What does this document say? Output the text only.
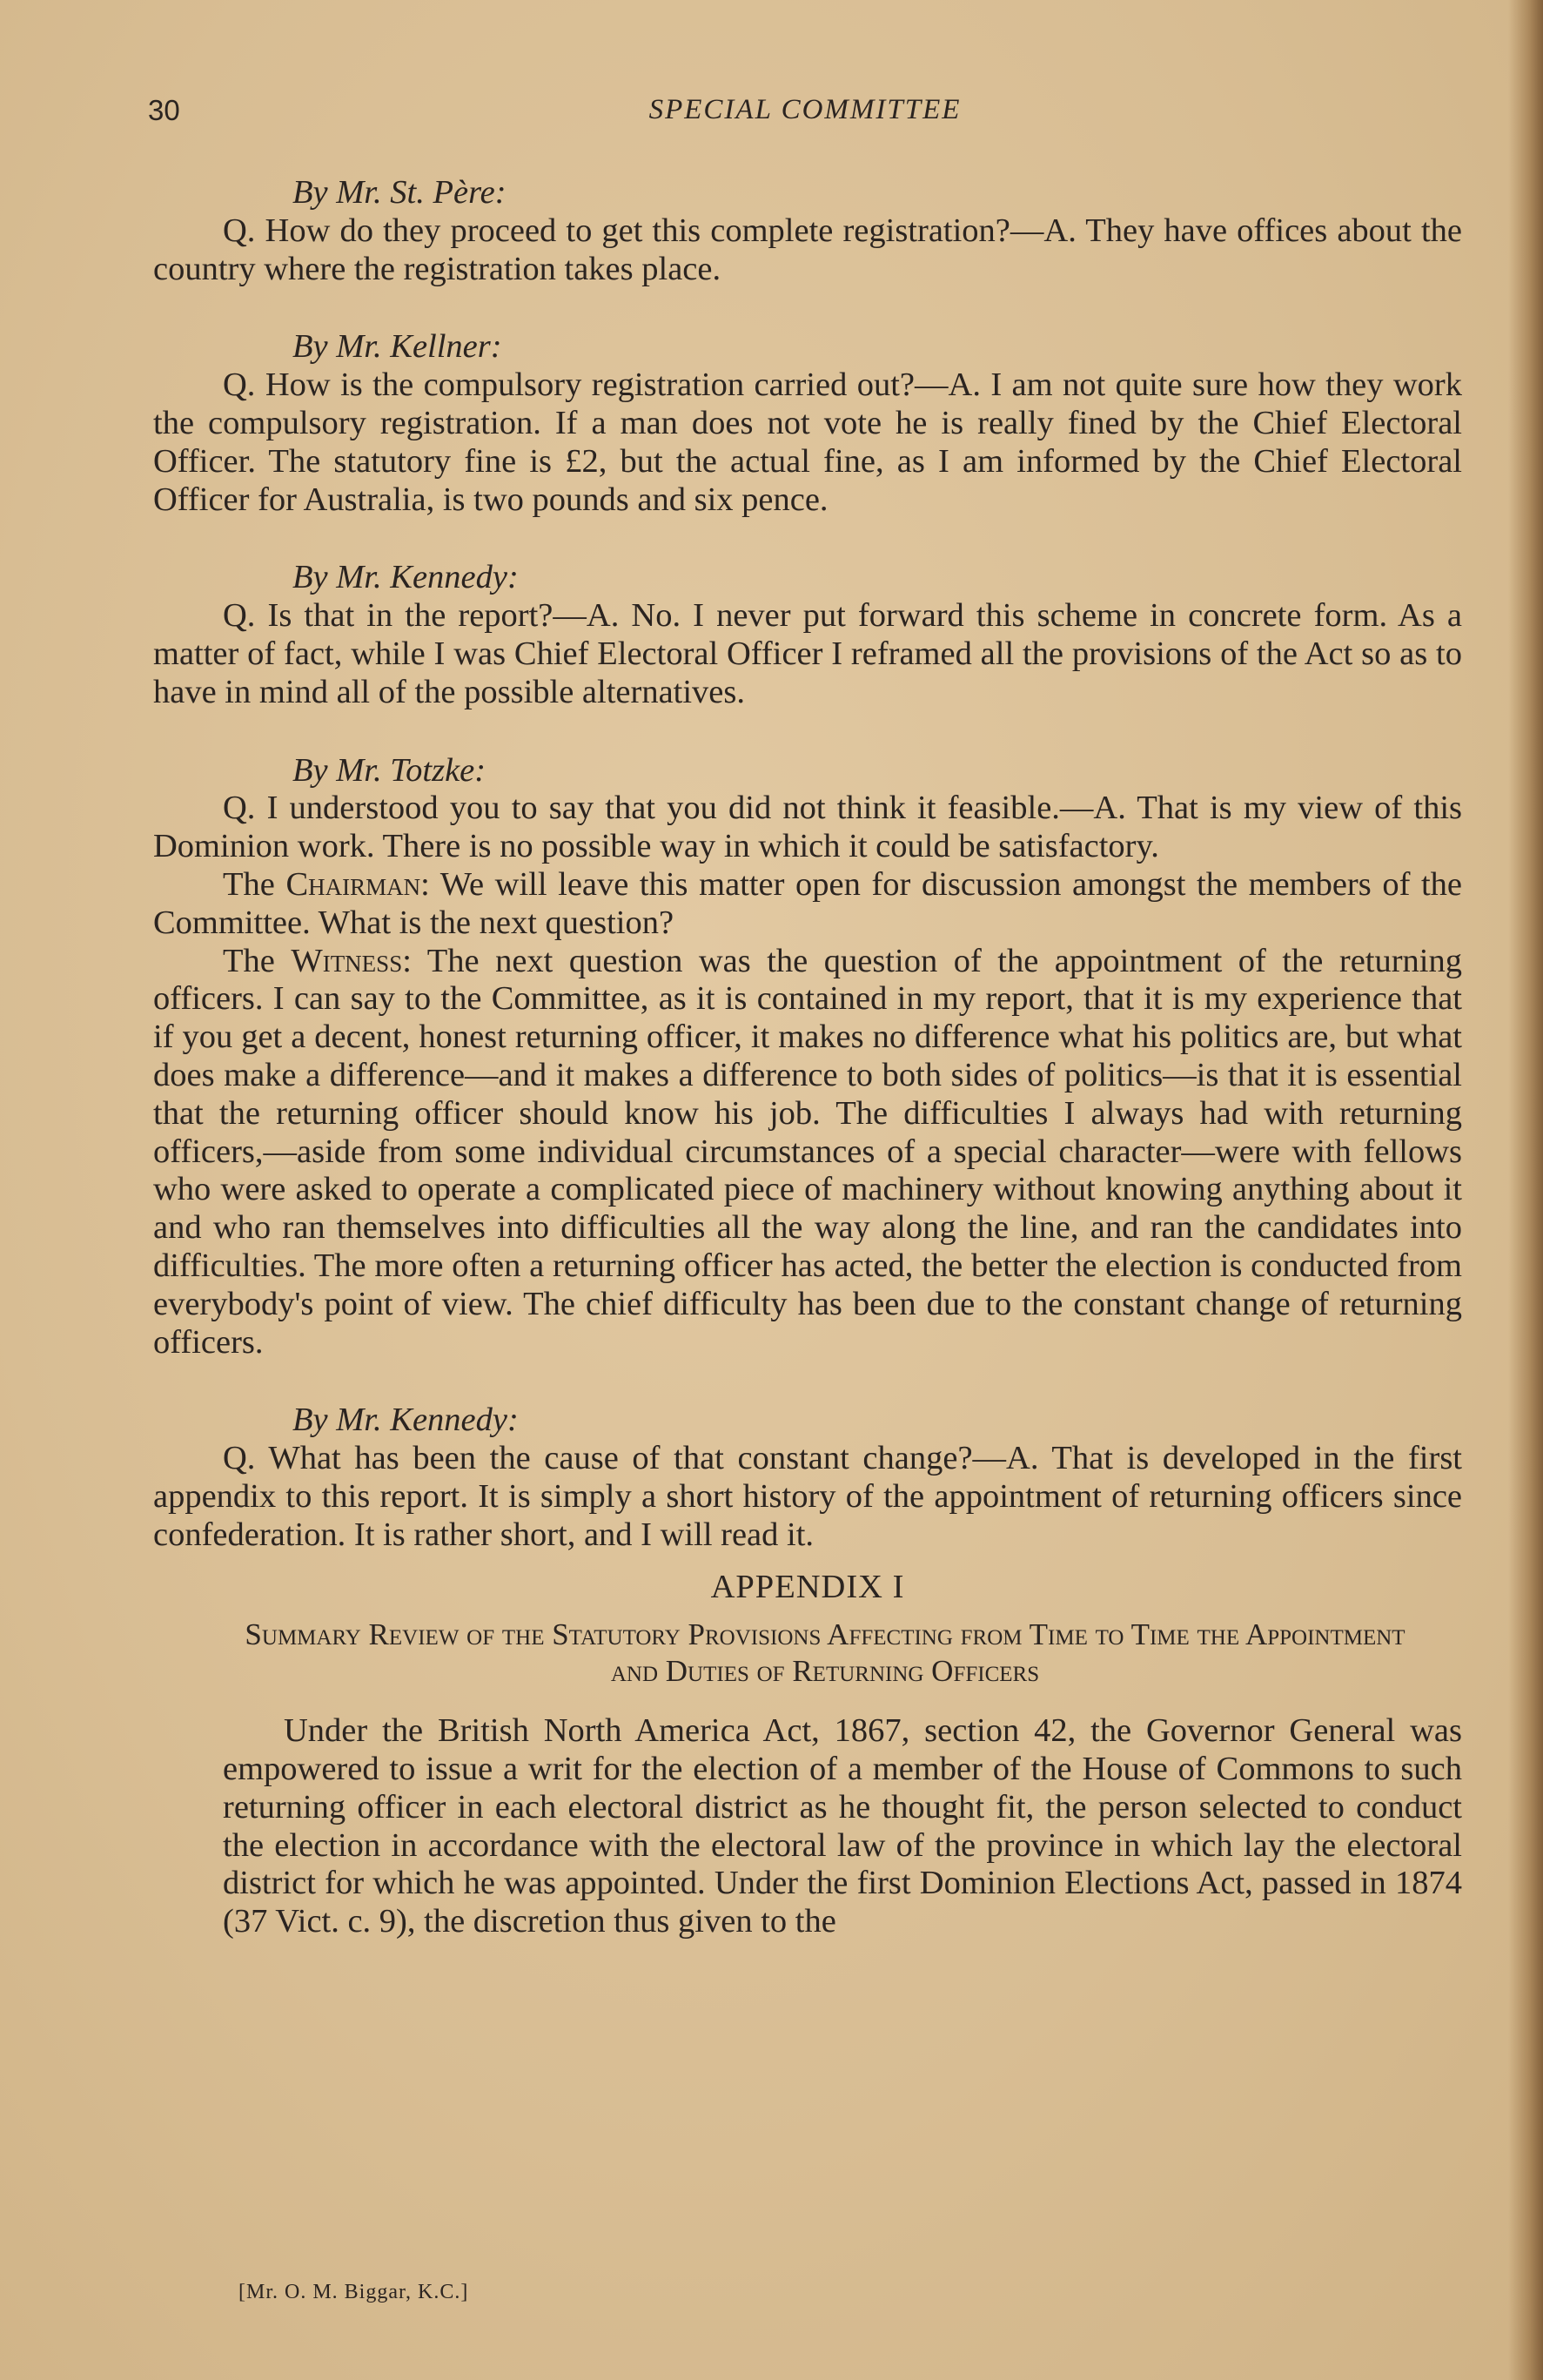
30	SPECIAL COMMITTEE
By Mr. St. Père:

Q. How do they proceed to get this complete registration?—A. They have offices about the country where the registration takes place.

By Mr. Kellner:

Q. How is the compulsory registration carried out?—A. I am not quite sure how they work the compulsory registration. If a man does not vote he is really fined by the Chief Electoral Officer. The statutory fine is £2, but the actual fine, as I am informed by the Chief Electoral Officer for Australia, is two pounds and six pence.

By Mr. Kennedy:

Q. Is that in the report?—A. No. I never put forward this scheme in concrete form. As a matter of fact, while I was Chief Electoral Officer I reframed all the provisions of the Act so as to have in mind all of the possible alternatives.

By Mr. Totzke:

Q. I understood you to say that you did not think it feasible.—A. That is my view of this Dominion work. There is no possible way in which it could be satisfactory.

The Chairman: We will leave this matter open for discussion amongst the members of the Committee. What is the next question?

The Witness: The next question was the question of the appointment of the returning officers. I can say to the Committee, as it is contained in my report, that it is my experience that if you get a decent, honest returning officer, it makes no difference what his politics are, but what does make a difference—and it makes a difference to both sides of politics—is that it is essential that the returning officer should know his job. The difficulties I always had with returning officers,—aside from some individual circumstances of a special character—were with fellows who were asked to operate a complicated piece of machinery without knowing anything about it and who ran themselves into difficulties all the way along the line, and ran the candidates into difficulties. The more often a returning officer has acted, the better the election is conducted from everybody's point of view. The chief difficulty has been due to the constant change of returning officers.

By Mr. Kennedy:

Q. What has been the cause of that constant change?—A. That is developed in the first appendix to this report. It is simply a short history of the appointment of returning officers since confederation. It is rather short, and I will read it.

APPENDIX I
Summary Review of the Statutory Provisions Affecting from Time to Time the Appointment and Duties of Returning Officers

Under the British North America Act, 1867, section 42, the Governor General was empowered to issue a writ for the election of a member of the House of Commons to such returning officer in each electoral district as he thought fit, the person selected to conduct the election in accordance with the electoral law of the province in which lay the electoral district for which he was appointed. Under the first Dominion Elections Act, passed in 1874 (37 Vict. c. 9), the discretion thus given to the

[Mr. O. M. Biggar, K.C.]
